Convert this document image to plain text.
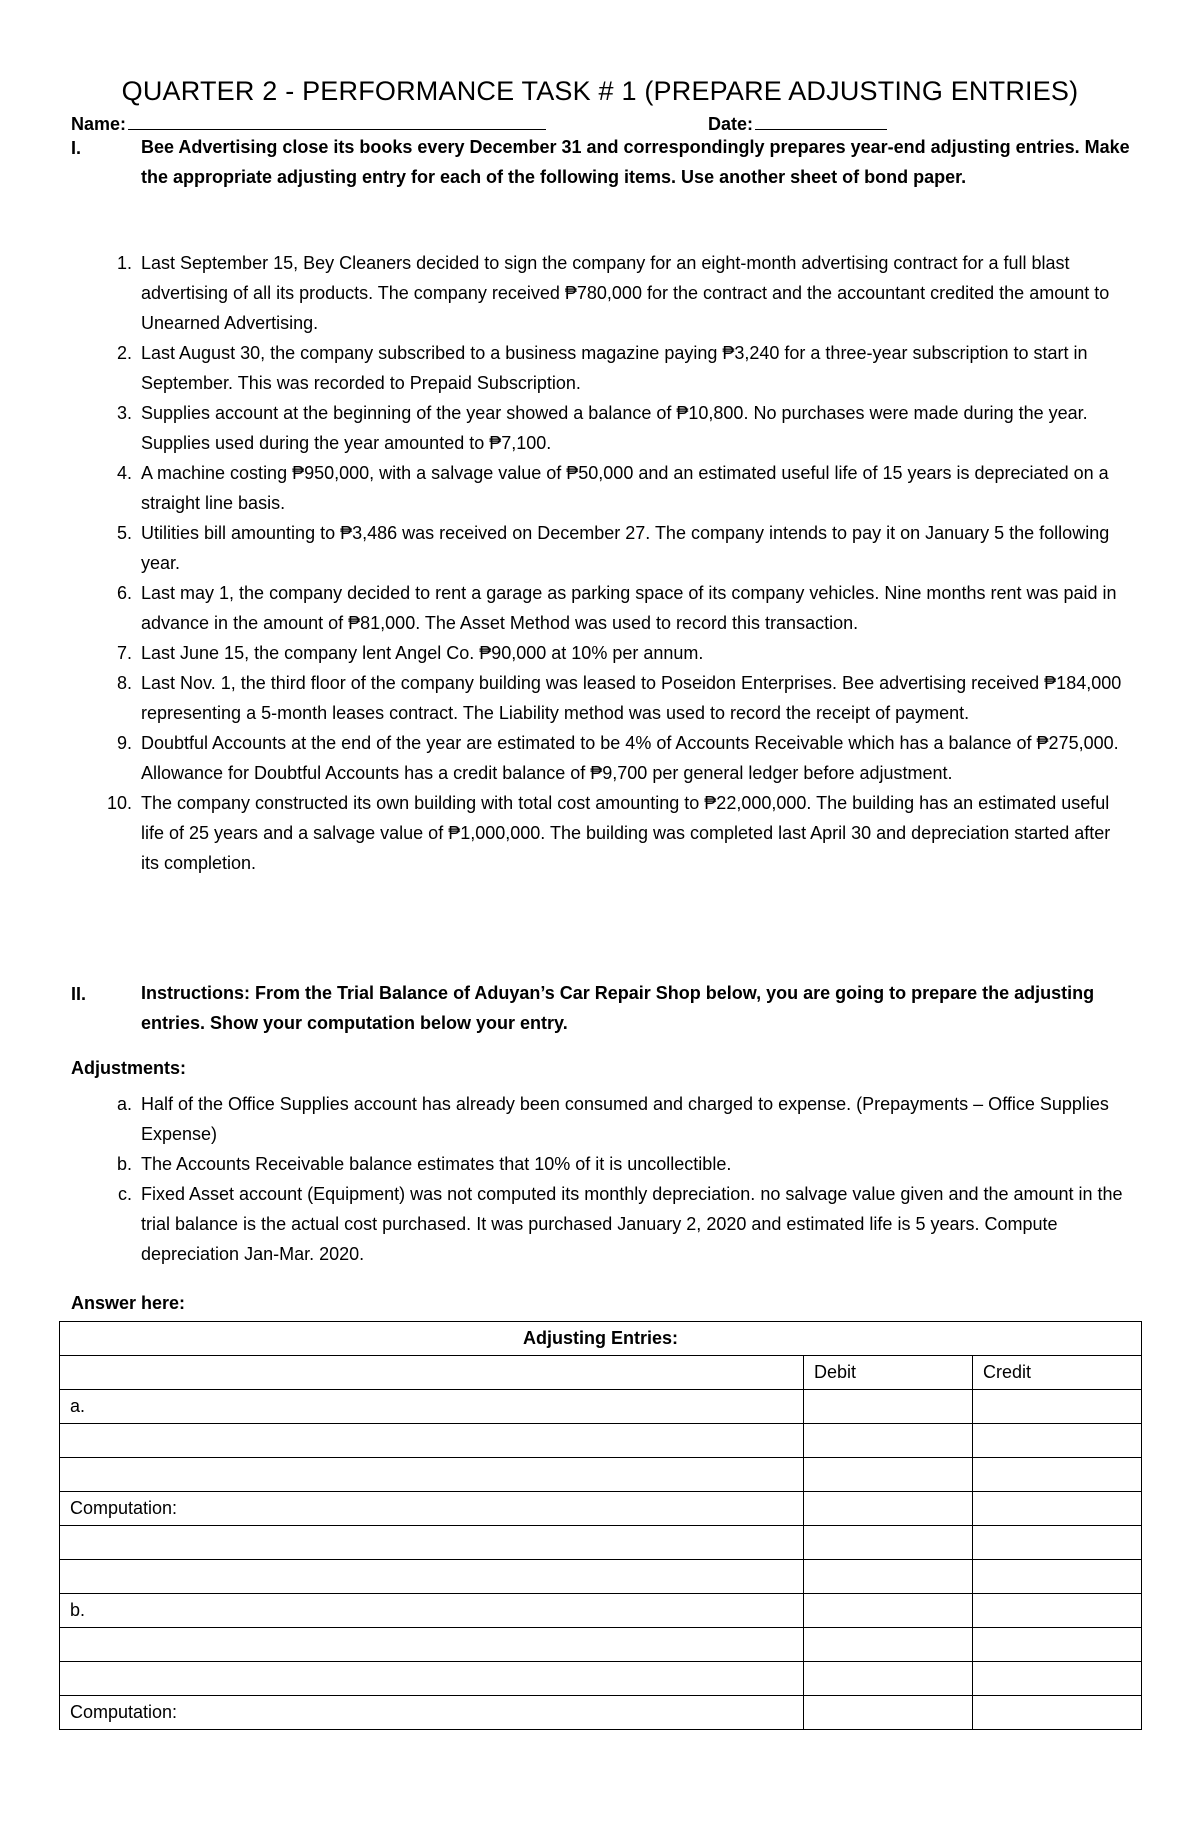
QUARTER 2 - PERFORMANCE TASK # 1 (PREPARE ADJUSTING ENTRIES)
Name:	Date:
I.	Bee Advertising close its books every December 31 and correspondingly prepares year-end adjusting entries. Make the appropriate adjusting entry for each of the following items. Use another sheet of bond paper.
1. Last September 15, Bey Cleaners decided to sign the company for an eight-month advertising contract for a full blast advertising of all its products. The company received ₱780,000 for the contract and the accountant credited the amount to Unearned Advertising.
2. Last August 30, the company subscribed to a business magazine paying ₱3,240 for a three-year subscription to start in September. This was recorded to Prepaid Subscription.
3. Supplies account at the beginning of the year showed a balance of ₱10,800. No purchases were made during the year. Supplies used during the year amounted to ₱7,100.
4. A machine costing ₱950,000, with a salvage value of ₱50,000 and an estimated useful life of 15 years is depreciated on a straight line basis.
5. Utilities bill amounting to ₱3,486 was received on December 27. The company intends to pay it on January 5 the following year.
6. Last may 1, the company decided to rent a garage as parking space of its company vehicles. Nine months rent was paid in advance in the amount of ₱81,000. The Asset Method was used to record this transaction.
7. Last June 15, the company lent Angel Co. ₱90,000 at 10% per annum.
8. Last Nov. 1, the third floor of the company building was leased to Poseidon Enterprises. Bee advertising received ₱184,000 representing a 5-month leases contract. The Liability method was used to record the receipt of payment.
9. Doubtful Accounts at the end of the year are estimated to be 4% of Accounts Receivable which has a balance of ₱275,000. Allowance for Doubtful Accounts has a credit balance of ₱9,700 per general ledger before adjustment.
10. The company constructed its own building with total cost amounting to ₱22,000,000. The building has an estimated useful life of 25 years and a salvage value of ₱1,000,000. The building was completed last April 30 and depreciation started after its completion.
II.	Instructions: From the Trial Balance of Aduyan’s Car Repair Shop below, you are going to prepare the adjusting entries. Show your computation below your entry.
Adjustments:
a. Half of the Office Supplies account has already been consumed and charged to expense. (Prepayments – Office Supplies Expense)
b. The Accounts Receivable balance estimates that 10% of it is uncollectible.
c. Fixed Asset account (Equipment) was not computed its monthly depreciation. no salvage value given and the amount in the trial balance is the actual cost purchased. It was purchased January 2, 2020 and estimated life is 5 years. Compute depreciation Jan-Mar. 2020.
Answer here:
Adjusting Entries:		
	Debit	Credit
a.		

Computation:		

b.		

Computation:		
